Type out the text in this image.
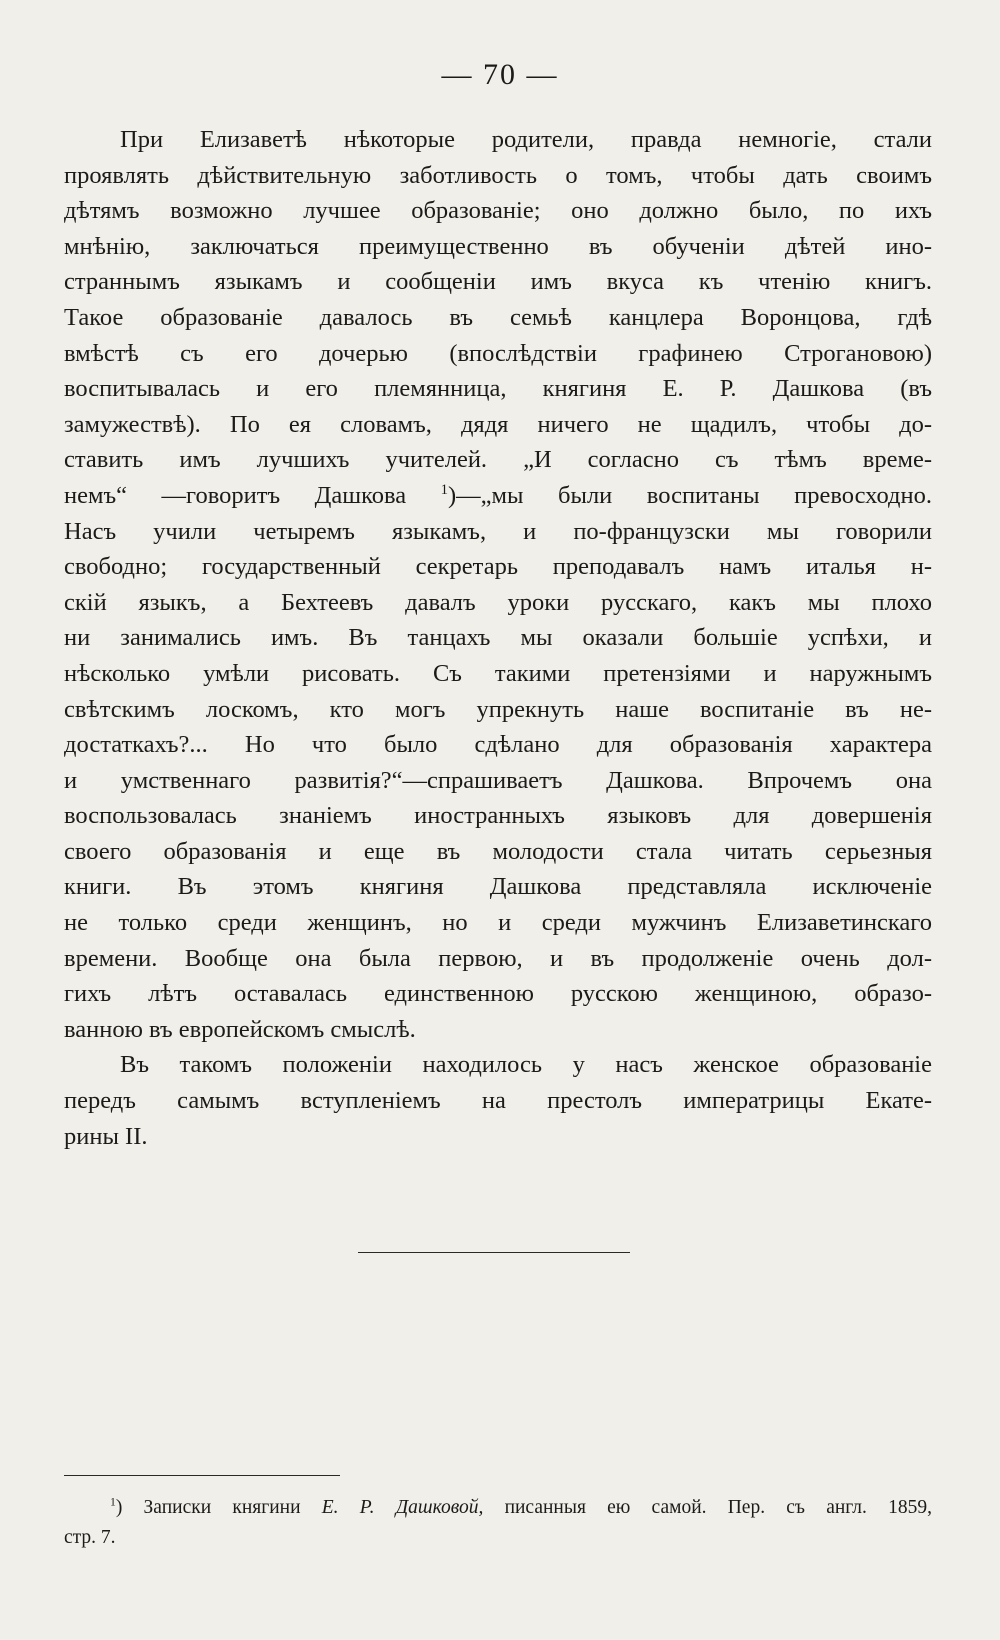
— 70 —
При Елизаветѣ нѣкоторые родители, правда немногіе, стали
проявлять дѣйствительную заботливость о томъ, чтобы дать своимъ
дѣтямъ возможно лучшее образованіе; оно должно было, по ихъ
мнѣнію, заключаться преимущественно въ обученіи дѣтей ино-
страннымъ языкамъ и сообщеніи имъ вкуса къ чтенію книгъ.
Такое образованіе давалось въ семьѣ канцлера Воронцова, гдѣ
вмѣстѣ съ его дочерью (впослѣдствіи графинею Строгановою)
воспитывалась и его племянница, княгиня Е. Р. Дашкова (въ
замужествѣ). По ея словамъ, дядя ничего не щадилъ, чтобы до-
ставить имъ лучшихъ учителей. „И согласно съ тѣмъ време-
немъ“ —говоритъ Дашкова $^1$)—„мы были воспитаны превосходно.
Насъ учили четыремъ языкамъ, и по-французски мы говорили
свободно; государственный секретарь преподавалъ намъ италья н-
скій языкъ, а Бехтеевъ давалъ уроки русскаго, какъ мы плохо
ни занимались имъ. Въ танцахъ мы оказали большіе успѣхи, и
нѣсколько умѣли рисовать. Съ такими претензіями и наружнымъ
свѣтскимъ лоскомъ, кто могъ упрекнуть наше воспитаніе въ не-
достаткахъ?... Но что было сдѣлано для образованія характера
и умственнаго развитія?“—спрашиваетъ Дашкова. Впрочемъ она
воспользовалась знаніемъ иностранныхъ языковъ для довершенія
своего образованія и еще въ молодости стала читать серьезныя
книги. Въ этомъ княгиня Дашкова представляла исключеніе
не только среди женщинъ, но и среди мужчинъ Елизаветинскаго
времени. Вообще она была первою, и въ продолженіе очень дол-
гихъ лѣтъ оставалась единственною русскою женщиною, образо-
ванною въ европейскомъ смыслѣ.
Въ такомъ положеніи находилось у насъ женское образованіе
передъ самымъ вступленіемъ на престолъ императрицы Екате-
рины II.
$^1$) Записки княгини Е. Р. Дашковой, писанныя ею самой. Пер. съ англ. 1859,
стр. 7.
